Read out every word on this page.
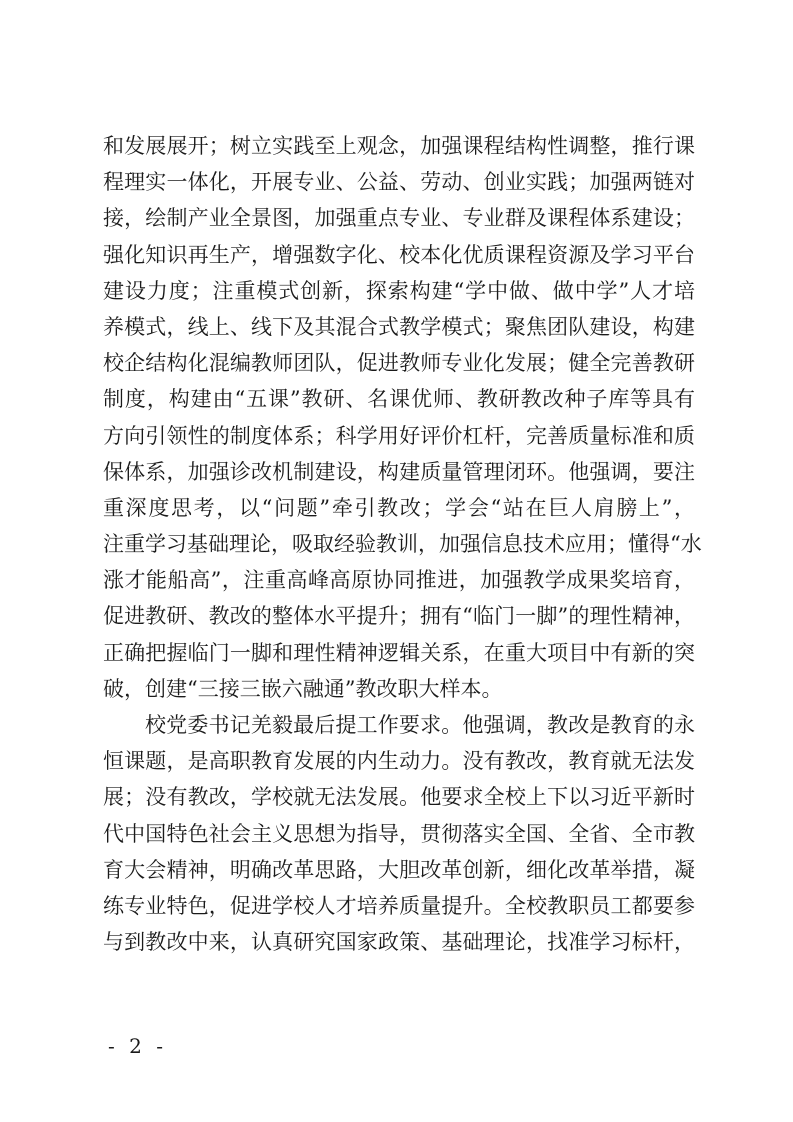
和发展展开；树立实践至上观念，加强课程结构性调整，推行课
程理实一体化，开展专业、公益、劳动、创业实践；加强两链对
接，绘制产业全景图，加强重点专业、专业群及课程体系建设；
强化知识再生产，增强数字化、校本化优质课程资源及学习平台
建设力度；注重模式创新，探索构建“学中做、做中学”人才培
养模式，线上、线下及其混合式教学模式；聚焦团队建设，构建
校企结构化混编教师团队，促进教师专业化发展；健全完善教研
制度，构建由“五课”教研、名课优师、教研教改种子库等具有
方向引领性的制度体系；科学用好评价杠杆，完善质量标准和质
保体系，加强诊改机制建设，构建质量管理闭环。他强调，要注
重深度思考，以“问题”牵引教改；学会“站在巨人肩膀上”，
注重学习基础理论，吸取经验教训，加强信息技术应用；懂得“水
涨才能船高”，注重高峰高原协同推进，加强教学成果奖培育，
促进教研、教改的整体水平提升；拥有“临门一脚”的理性精神，
正确把握临门一脚和理性精神逻辑关系，在重大项目中有新的突
破，创建“三接三嵌六融通”教改职大样本。
校党委书记羌毅最后提工作要求。他强调，教改是教育的永
恒课题，是高职教育发展的内生动力。没有教改，教育就无法发
展；没有教改，学校就无法发展。他要求全校上下以习近平新时
代中国特色社会主义思想为指导，贯彻落实全国、全省、全市教
育大会精神，明确改革思路，大胆改革创新，细化改革举措，凝
练专业特色，促进学校人才培养质量提升。全校教职员工都要参
与到教改中来，认真研究国家政策、基础理论，找准学习标杆，
- 2 -
